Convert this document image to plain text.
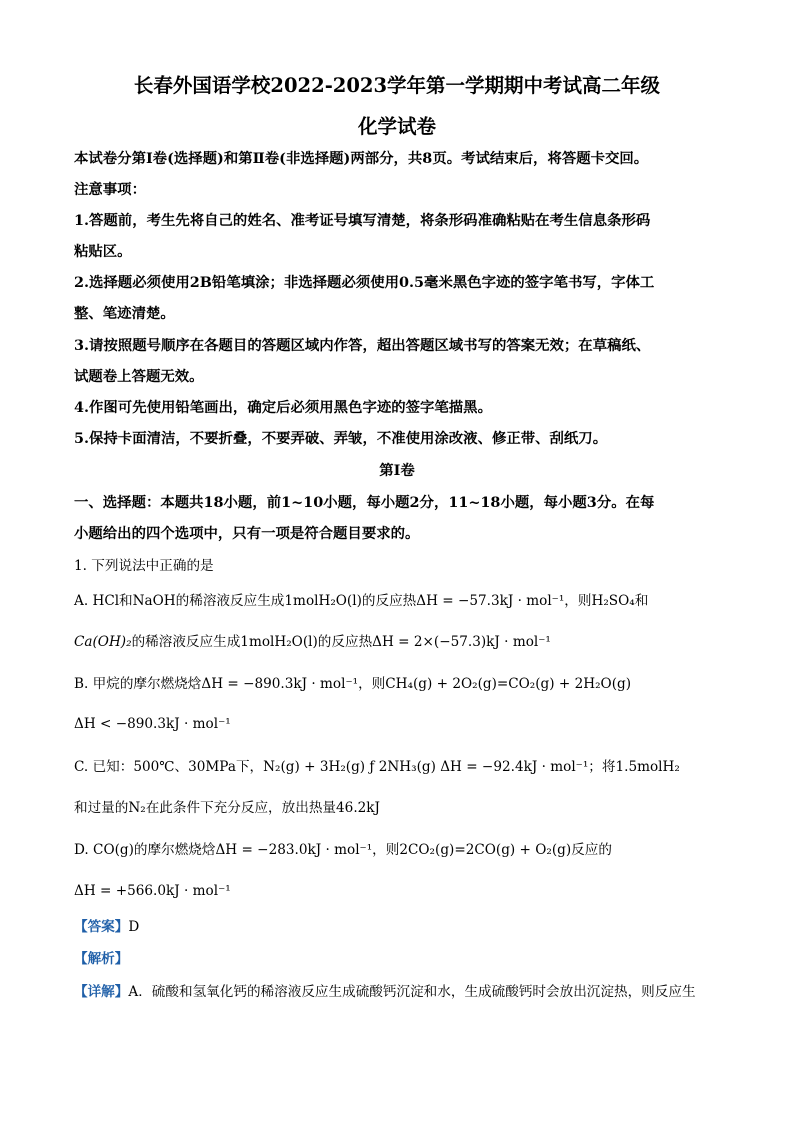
长春外国语学校2022-2023学年第一学期期中考试高二年级
化学试卷
本试卷分第Ⅰ卷(选择题)和第Ⅱ卷(非选择题)两部分，共8页。考试结束后，将答题卡交回。
注意事项：
1.答题前，考生先将自己的姓名、准考证号填写清楚，将条形码准确粘贴在考生信息条形码
粘贴区。
2.选择题必须使用2B铅笔填涂；非选择题必须使用0.5毫米黑色字迹的签字笔书写，字体工
整、笔迹清楚。
3.请按照题号顺序在各题目的答题区域内作答，超出答题区域书写的答案无效；在草稿纸、
试题卷上答题无效。
4.作图可先使用铅笔画出，确定后必须用黑色字迹的签字笔描黑。
5.保持卡面清洁，不要折叠，不要弄破、弄皱，不准使用涂改液、修正带、刮纸刀。
第Ⅰ卷
一、选择题：本题共18小题，前1~10小题，每小题2分，11~18小题，每小题3分。在每
小题给出的四个选项中，只有一项是符合题目要求的。
1. 下列说法中正确的是
A. HCl和NaOH的稀溶液反应生成1molH₂O(l)的反应热ΔH = −57.3kJ · mol⁻¹，则H₂SO₄和
Ca(OH)₂的稀溶液反应生成1molH₂O(l)的反应热ΔH = 2×(−57.3)kJ · mol⁻¹
B. 甲烷的摩尔燃烧焓ΔH = −890.3kJ · mol⁻¹，则CH₄(g) + 2O₂(g)=CO₂(g) + 2H₂O(g)
ΔH < −890.3kJ · mol⁻¹
C. 已知：500℃、30MPa下，N₂(g) + 3H₂(g) ƒ 2NH₃(g) ΔH = −92.4kJ · mol⁻¹；将1.5molH₂
和过量的N₂在此条件下充分反应，放出热量46.2kJ
D. CO(g)的摩尔燃烧焓ΔH = −283.0kJ · mol⁻¹，则2CO₂(g)=2CO(g) + O₂(g)反应的
ΔH = +566.0kJ · mol⁻¹
【答案】D
【解析】
【详解】A．硫酸和氢氧化钙的稀溶液反应生成硫酸钙沉淀和水，生成硫酸钙时会放出沉淀热，则反应生
